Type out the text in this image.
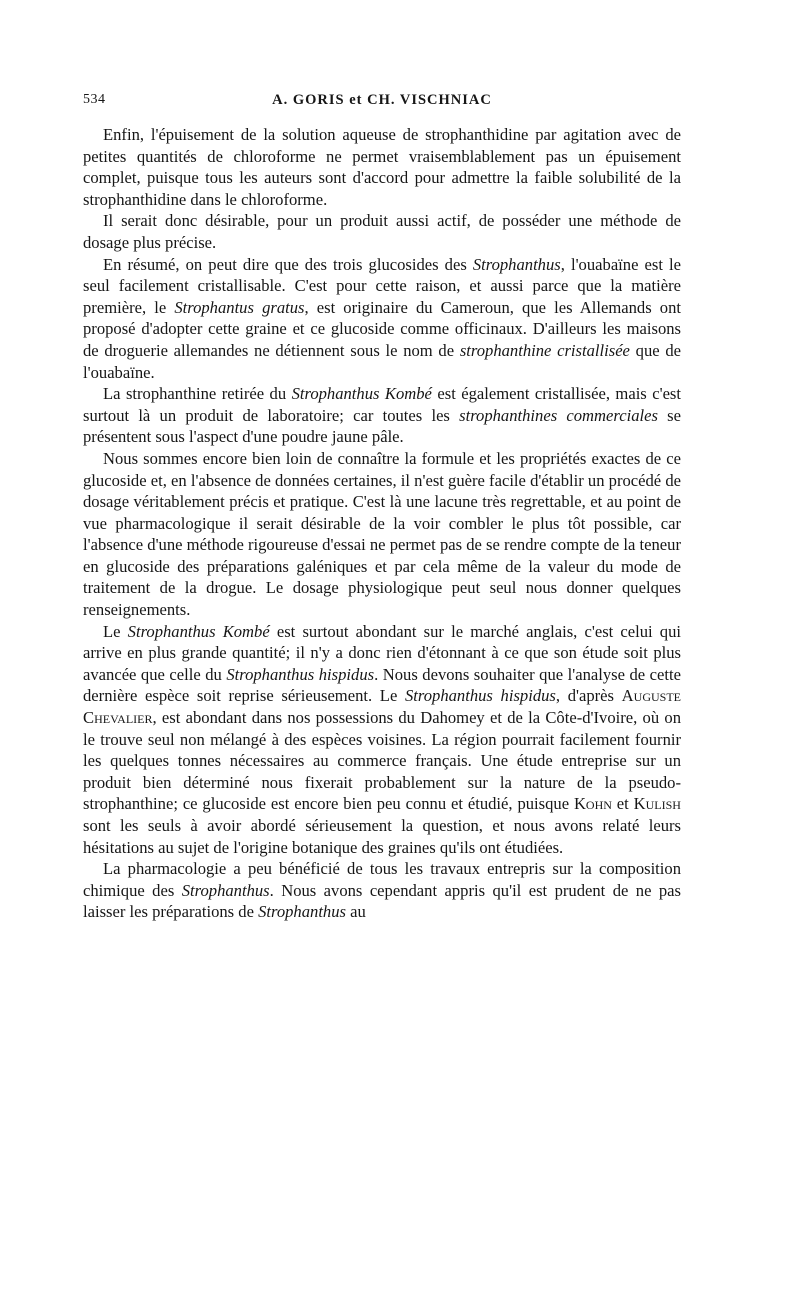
534	A. GORIS et CH. VISCHNIAC

Enfin, l'épuisement de la solution aqueuse de strophanthidine par agitation avec de petites quantités de chloroforme ne permet vraisemblablement pas un épuisement complet, puisque tous les auteurs sont d'accord pour admettre la faible solubilité de la strophanthidine dans le chloroforme.

Il serait donc désirable, pour un produit aussi actif, de posséder une méthode de dosage plus précise.

En résumé, on peut dire que des trois glucosides des Strophanthus, l'ouabaïne est le seul facilement cristallisable. C'est pour cette raison, et aussi parce que la matière première, le Strophantus gratus, est originaire du Cameroun, que les Allemands ont proposé d'adopter cette graine et ce glucoside comme officinaux. D'ailleurs les maisons de droguerie allemandes ne détiennent sous le nom de strophanthine cristallisée que de l'ouabaïne.

La strophanthine retirée du Strophanthus Kombé est également cristallisée, mais c'est surtout là un produit de laboratoire; car toutes les strophanthines commerciales se présentent sous l'aspect d'une poudre jaune pâle.

Nous sommes encore bien loin de connaître la formule et les propriétés exactes de ce glucoside et, en l'absence de données certaines, il n'est guère facile d'établir un procédé de dosage véritablement précis et pratique. C'est là une lacune très regrettable, et au point de vue pharmacologique il serait désirable de la voir combler le plus tôt possible, car l'absence d'une méthode rigoureuse d'essai ne permet pas de se rendre compte de la teneur en glucoside des préparations galéniques et par cela même de la valeur du mode de traitement de la drogue. Le dosage physiologique peut seul nous donner quelques renseignements.

Le Strophanthus Kombé est surtout abondant sur le marché anglais, c'est celui qui arrive en plus grande quantité; il n'y a donc rien d'étonnant à ce que son étude soit plus avancée que celle du Strophanthus hispidus. Nous devons souhaiter que l'analyse de cette dernière espèce soit reprise sérieusement. Le Strophanthus hispidus, d'après Auguste Chevalier, est abondant dans nos possessions du Dahomey et de la Côte-d'Ivoire, où on le trouve seul non mélangé à des espèces voisines. La région pourrait facilement fournir les quelques tonnes nécessaires au commerce français. Une étude entreprise sur un produit bien déterminé nous fixerait probablement sur la nature de la pseudo-strophanthine; ce glucoside est encore bien peu connu et étudié, puisque Kohn et Kulish sont les seuls à avoir abordé sérieusement la question, et nous avons relaté leurs hésitations au sujet de l'origine botanique des graines qu'ils ont étudiées.

La pharmacologie a peu bénéficié de tous les travaux entrepris sur la composition chimique des Strophanthus. Nous avons cependant appris qu'il est prudent de ne pas laisser les préparations de Strophanthus au
